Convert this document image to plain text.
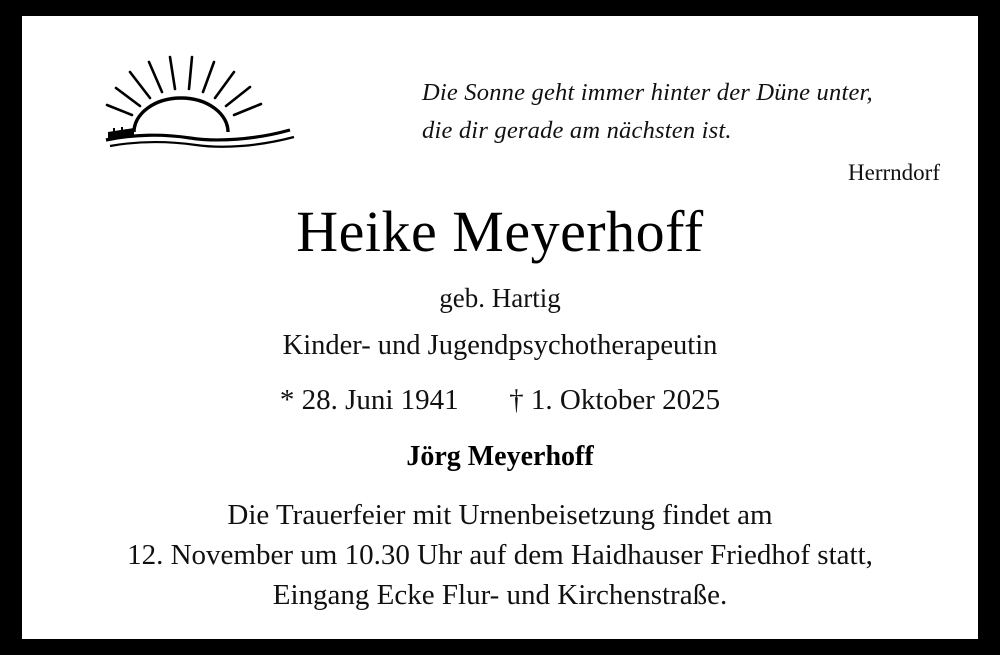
Die Sonne geht immer hinter der Düne unter,
die dir gerade am nächsten ist.
Herrndorf
Heike Meyerhoff
geb. Hartig
Kinder- und Jugendpsychotherapeutin
* 28. Juni 1941 † 1. Oktober 2025
Jörg Meyerhoff
Die Trauerfeier mit Urnenbeisetzung findet am
12. November um 10.30 Uhr auf dem Haidhauser Friedhof statt,
Eingang Ecke Flur- und Kirchenstraße.
